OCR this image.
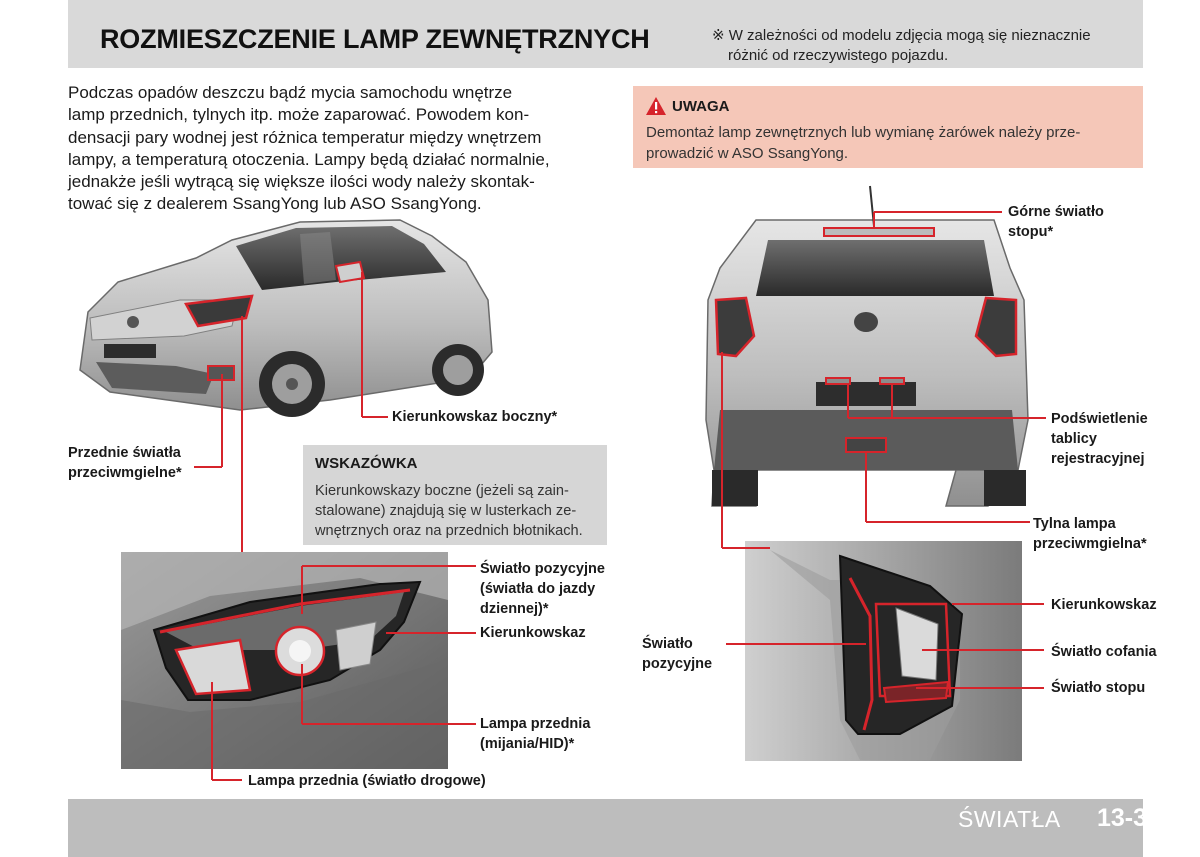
ROZMIESZCZENIE LAMP ZEWNĘTRZNYCH	※ W zależności od modelu zdjęcia mogą się nieznacznie
różnić od rzeczywistego pojazdu.
Podczas opadów deszczu bądź mycia samochodu wnętrze
lamp przednich, tylnych itp. może zaparować. Powodem kon-
densacji pary wodnej jest różnica temperatur między wnętrzem
lampy, a temperaturą otoczenia. Lampy będą działać normalnie,
jednakże jeśli wytrącą się większe ilości wody należy skontak-
tować się z dealerem SsangYong lub ASO SsangYong.
UWAGA
Demontaż lamp zewnętrznych lub wymianę żarówek należy prze-
prowadzić w ASO SsangYong.
WSKAZÓWKA
Kierunkowskazy boczne (jeżeli są zain-
stalowane) znajdują się w lusterkach ze-
wnętrznych oraz na przednich błotnikach.
Kierunkowskaz boczny*
Przednie światła
przeciwmgielne*
Światło pozycyjne
(światła do jazdy
dziennej)*
Kierunkowskaz
Lampa przednia
(mijania/HID)*
Lampa przednia (światło drogowe)
Górne światło
stopu*
Podświetlenie
tablicy
rejestracyjnej
Tylna lampa
przeciwmgielna*
Kierunkowskaz
Światło cofania
Światło stopu
Światło
pozycyjne
ŚWIATŁA 13-3
